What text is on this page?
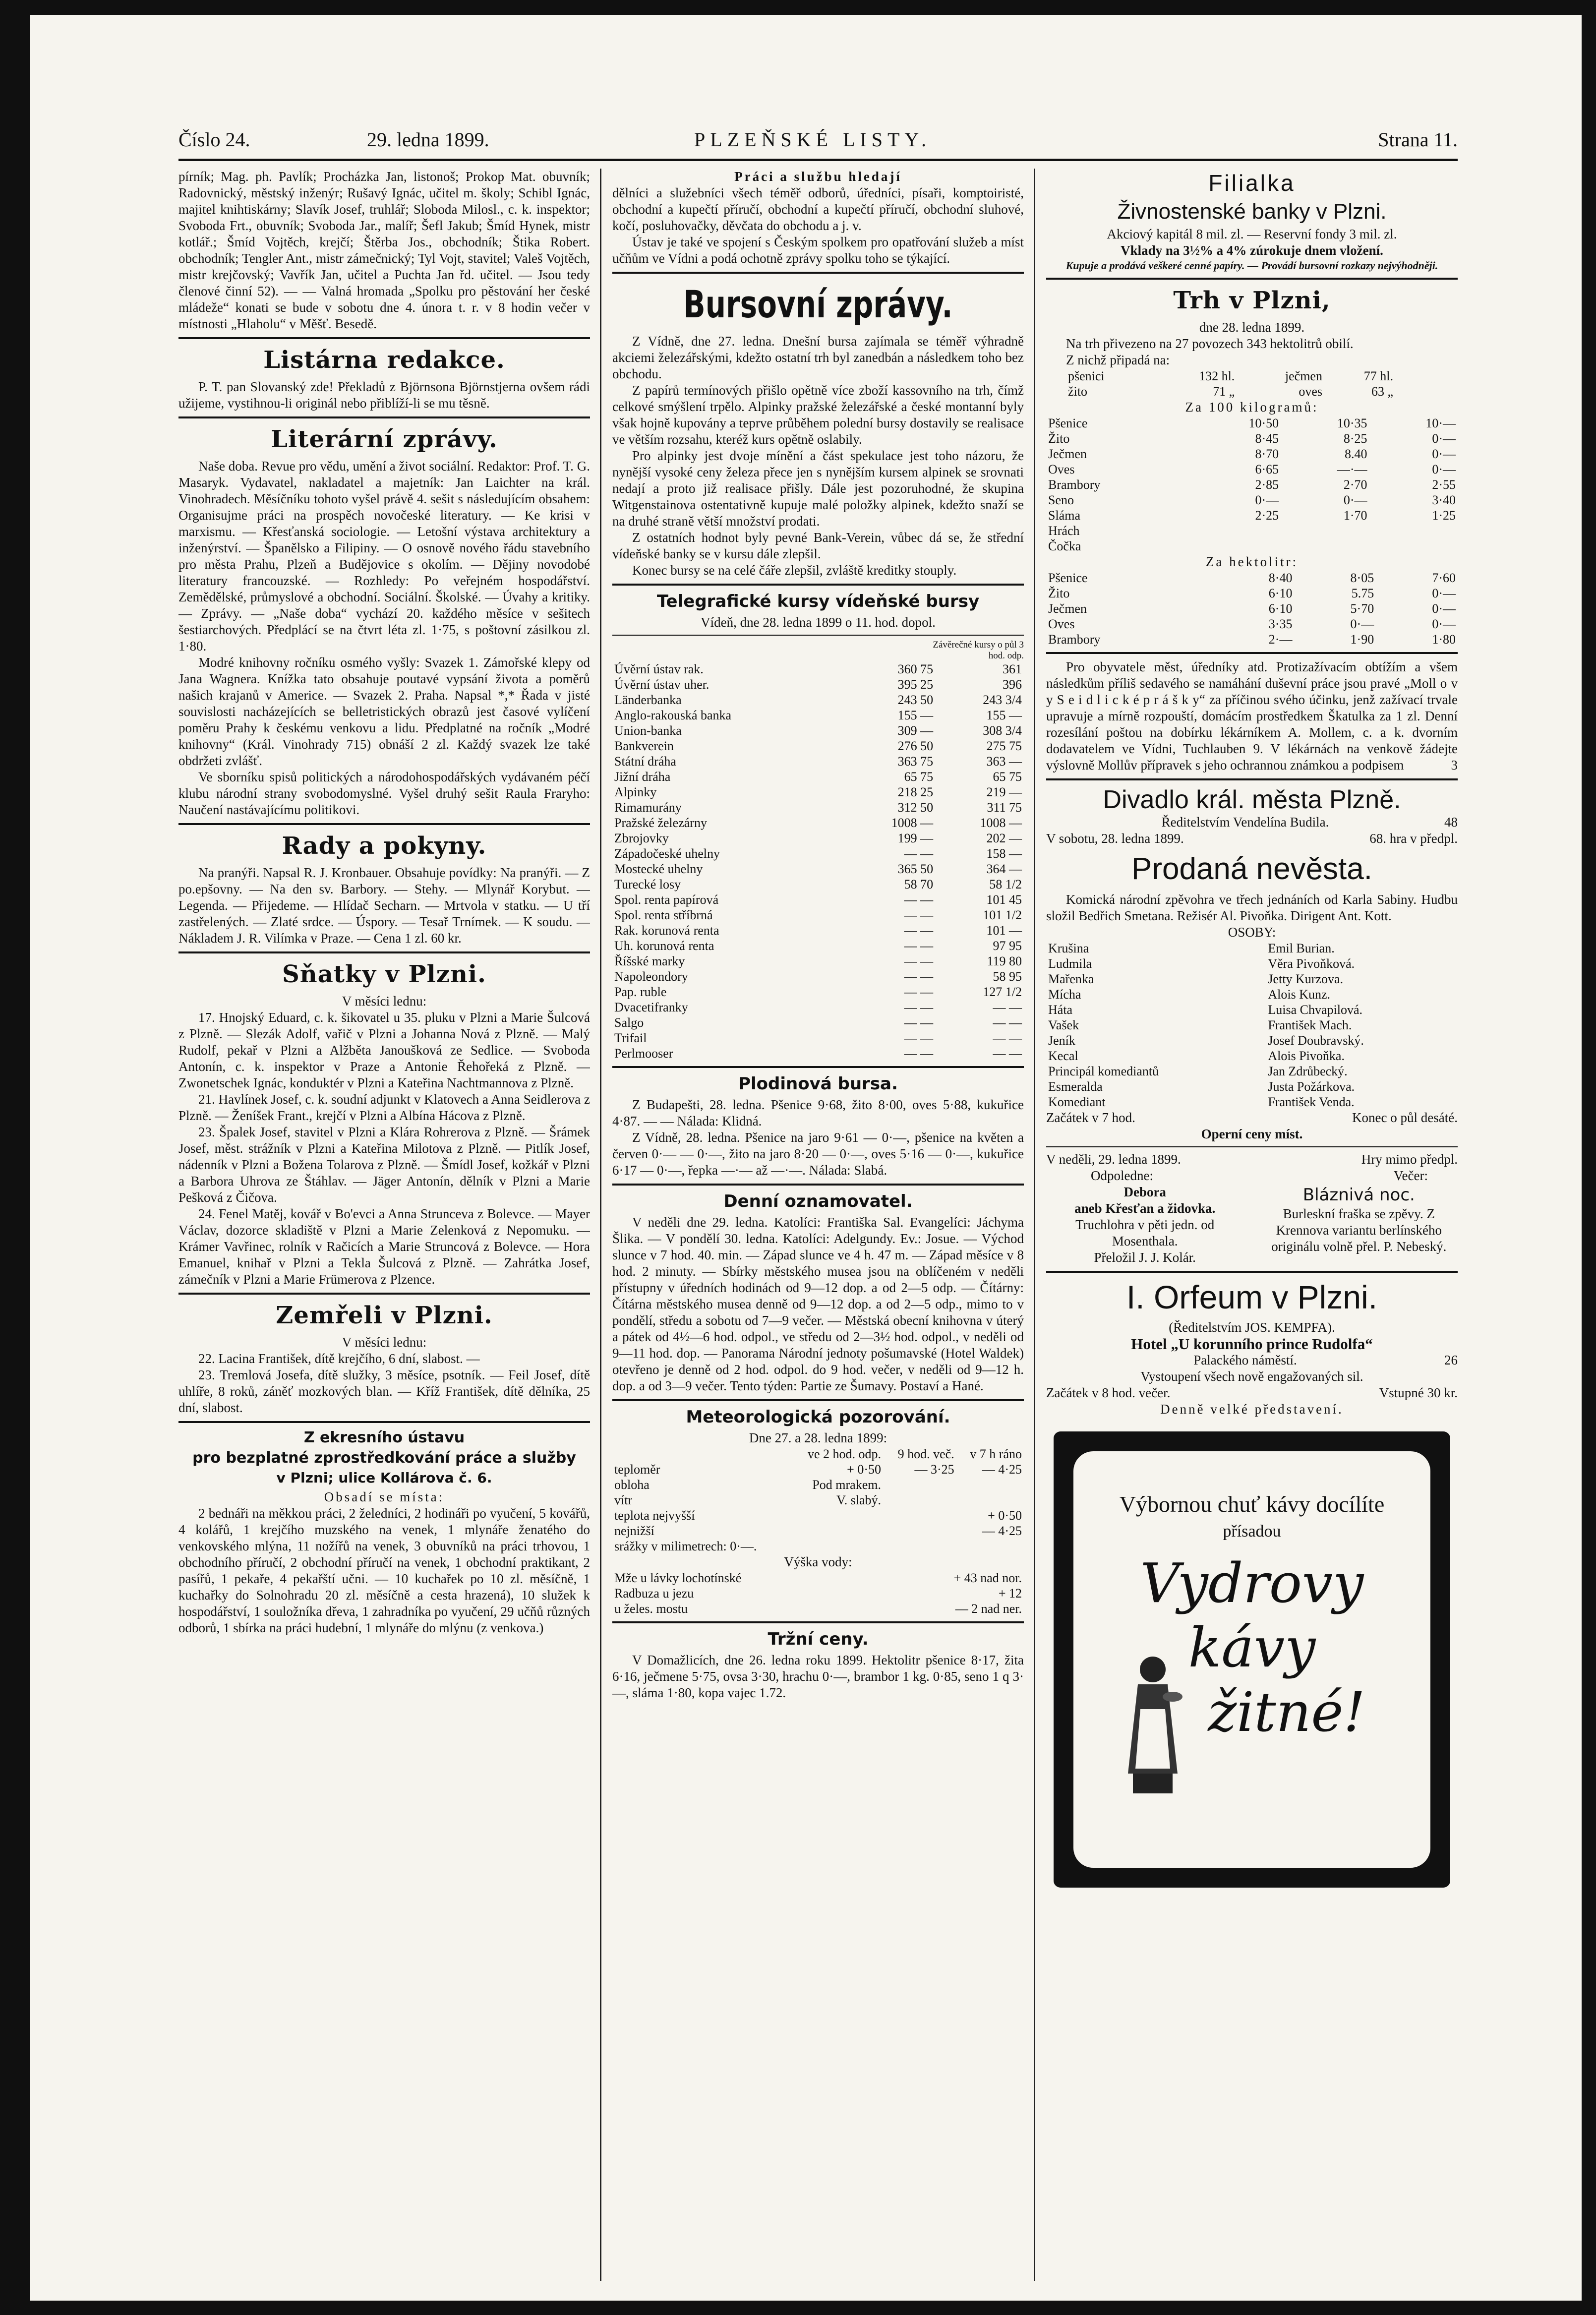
Číslo 24.	29. ledna 1899.	PLZEŇSKÉ LISTY.	Strana 11.

pírník; Mag. ph. Pavlík; Procházka Jan, listonoš; Prokop Mat. obuvník; Radovnický, městský inženýr; Rušavý Ignác, učitel m. školy; Schibl Ignác, majitel knihtiskárny; Slavík Josef, truhlář; Sloboda Milosl., c. k. inspektor; Svoboda Frt., obuvník; Svoboda Jar., malíř; Šefl Jakub; Šmíd Hynek, mistr kotlář.; Šmíd Vojtěch, krejčí; Štěrba Jos., obchodník; Štika Robert. obchodník; Tengler Ant., mistr zámečnický; Tyl Vojt, stavitel; Valeš Vojtěch, mistr krejčovský; Vavřík Jan, učitel a Puchta Jan řd. učitel. — Jsou tedy členové činní 52). — — Valná hromada „Spolku pro pěstování her české mládeže“ konati se bude v sobotu dne 4. února t. r. v 8 hodin večer v místnosti „Hlaholu“ v Měšť. Besedě.

Listárna redakce.

P. T. pan Slovanský zde! Překladů z Björnsona Björnstjerna ovšem rádi užijeme, vystihnou-li originál nebo přiblíží-li se mu těsně.

Literární zprávy.

Naše doba. Revue pro vědu, umění a život sociální. Redaktor: Prof. T. G. Masaryk. Vydavatel, nakladatel a majetník: Jan Laichter na král. Vinohradech. Měsíčníku tohoto vyšel právě 4. sešit s následujícím obsahem: Organisujme práci na prospěch novočeské literatury. — Ke krisi v marxismu. — Křesťanská sociologie. — Letošní výstava architektury a inženýrství. — Španělsko a Filipiny. — O osnově nového řádu stavebního pro města Prahu, Plzeň a Budějovice s okolím. — Dějiny novodobé literatury francouzské. — Rozhledy: Po veřejném hospodářství. Zemědělské, průmyslové a obchodní. Sociální. Školské. — Úvahy a kritiky. — Zprávy. — „Naše doba“ vychází 20. každého měsíce v sešitech šestiarchových. Předplácí se na čtvrt léta zl. 1·75, s poštovní zásilkou zl. 1·80.

Modré knihovny ročníku osmého vyšly: Svazek 1. Zámořské klepy od Jana Wagnera. Knížka tato obsahuje poutavé vypsání života a poměrů našich krajanů v Americe. — Svazek 2. Praha. Napsal *,* Řada v jisté souvislosti nacházejících se belletristických obrazů jest časové vylíčení poměru Prahy k českému venkovu a lidu. Předplatné na ročník „Modré knihovny“ (Král. Vinohrady 715) obnáší 2 zl. Každý svazek lze také obdržeti zvlášť.

Ve sborníku spisů politických a národohospodářských vydávaném péčí klubu národní strany svobodomyslné. Vyšel druhý sešit Raula Fraryho: Naučení nastávajícímu politikovi.

Rady a pokyny.

Na pranýři. Napsal R. J. Kronbauer. Obsahuje povídky: Na pranýři. — Z po.epšovny. — Na den sv. Barbory. — Stehy. — Mlynář Korybut. — Legenda. — Přijedeme. — Hlídač Secharn. — Mrtvola v statku. — U tří zastřelených. — Zlaté srdce. — Úspory. — Tesař Trnímek. — K soudu. — Nákladem J. R. Vilímka v Praze. — Cena 1 zl. 60 kr.

Sňatky v Plzni.

V měsíci lednu:

17. Hnojský Eduard, c. k. šikovatel u 35. pluku v Plzni a Marie Šulcová z Plzně. — Slezák Adolf, vařič v Plzni a Johanna Nová z Plzně. — Malý Rudolf, pekař v Plzni a Alžběta Janoušková ze Sedlice. — Svoboda Antonín, c. k. inspektor v Praze a Antonie Řehořeká z Plzně. — Zwonetschek Ignác, konduktér v Plzni a Kateřina Nachtmannova z Plzně.

21. Havlínek Josef, c. k. soudní adjunkt v Klatovech a Anna Seidlerova z Plzně. — Ženíšek Frant., krejčí v Plzni a Albína Hácova z Plzně.

23. Špalek Josef, stavitel v Plzni a Klára Rohrerova z Plzně. — Šrámek Josef, měst. strážník v Plzni a Kateřina Milotova z Plzně. — Pitlík Josef, nádenník v Plzni a Božena Tolarova z Plzně. — Šmídl Josef, kožkář v Plzni a Barbora Uhrova ze Štáhlav. — Jäger Antonín, dělník v Plzni a Marie Pešková z Čičova.

24. Fenel Matěj, kovář v Bo'evci a Anna Strunceva z Bolevce. — Mayer Václav, dozorce skladiště v Plzni a Marie Zelenková z Nepomuku. — Krámer Vavřinec, rolník v Račicích a Marie Struncová z Bolevce. — Hora Emanuel, knihař v Plzni a Tekla Šulcová z Plzně. — Zahrátka Josef, zámečník v Plzni a Marie Frümerova z Plzence.

Zemřeli v Plzni.

V měsíci lednu:

22. Lacina František, dítě krejčího, 6 dní, slabost. —

23. Tremlová Josefa, dítě služky, 3 měsíce, psotník. — Feil Josef, dítě uhlíře, 8 roků, záněť mozkových blan. — Kříž František, dítě dělníka, 25 dní, slabost.

Z ekresního ústavu
pro bezplatné zprostředkování práce a služby
v Plzni; ulice Kollárova č. 6.

Obsadí se místa:

2 bednáři na měkkou práci, 2 želedníci, 2 hodináři po vyučení, 5 kovářů, 4 kolářů, 1 krejčího muzského na venek, 1 mlynáře ženatého do venkovského mlýna, 11 nožířů na venek, 3 obuvníků na práci trhovou, 1 obchodního příručí, 2 obchodní příručí na venek, 1 obchodní praktikant, 2 pasířů, 1 pekaře, 4 pekařští učni. — 10 kuchařek po 10 zl. měsíčně, 1 kuchařky do Solnohradu 20 zl. měsíčně a cesta hrazená), 10 služek k hospodářství, 1 souložníka dřeva, 1 zahradníka po vyučení, 29 učňů různých odborů, 1 sbírka na práci hudební, 1 mlynáře do mlýnu (z venkova.)

Práci a službu hledají

dělníci a služebníci všech téměř odborů, úředníci, písaři, komptoiristé, obchodní a kupečtí příručí, obchodní a kupečtí příručí, obchodní sluhové, kočí, posluhovačky, děvčata do obchodu a j. v.

Ústav je také ve spojení s Českým spolkem pro opatřování služeb a míst učňům ve Vídni a podá ochotně zprávy spolku toho se týkající.

Bursovní zprávy.

Z Vídně, dne 27. ledna. Dnešní bursa zajímala se téměř výhradně akciemi železářskými, kdežto ostatní trh byl zanedbán a následkem toho bez obchodu.

Z papírů termínových přišlo opětně více zboží kassovního na trh, čímž celkové smýšlení trpělo. Alpinky pražské železářské a české montanní byly však hojně kupovány a teprve průběhem polední bursy dostavily se realisace ve větším rozsahu, kteréž kurs opětně oslabily.

Pro alpinky jest dvoje mínění a část spekulace jest toho názoru, že nynější vysoké ceny železa přece jen s nynějším kursem alpinek se srovnati nedají a proto již realisace přišly. Dále jest pozoruhodné, že skupina Witgenstainova ostentativně kupuje malé položky alpinek, kdežto snaží se na druhé straně větší množství prodati.

Z ostatních hodnot byly pevné Bank-Verein, vůbec dá se, že střední vídeňské banky se v kursu dále zlepšil.

Konec bursy se na celé čáře zlepšil, zvláště kreditky stouply.

Telegrafické kursy vídeňské bursy

Vídeň, dne 28. ledna 1899 o 11. hod. dopol.

Závěrečné kursy o půl 3 hod. odp.

Úvěrní ústav rak.	360 75	361
Úvěrní ústav uher.	395 25	396
Länderbanka	243 50	243 3/4
Anglo-rakouská banka	155 —	155 —
Union-banka	309 —	308 3/4
Bankverein	276 50	275 75
Státní dráha	363 75	363 —
Jižní dráha	65 75	65 75
Alpinky	218 25	219 —
Rimamurány	312 50	311 75
Pražské železárny	1008 —	1008 —
Zbrojovky	199 —	202 —
Západočeské uhelny	— —	158 —
Mostecké uhelny	365 50	364 —
Turecké losy	58 70	58 1/2
Spol. renta papírová	— —	101 45
Spol. renta stříbrná	— —	101 1/2
Rak. korunová renta	— —	101 —
Uh. korunová renta	— —	97 95
Říšské marky	— —	119 80
Napoleondory	— —	58 95
Pap. ruble	— —	127 1/2
Dvacetifranky	— —	— —
Salgo	— —	— —
Trifail	— —	— —
Perlmooser	— —	— —
Plodinová bursa.

Z Budapešti, 28. ledna. Pšenice 9·68, žito 8·00, oves 5·88, kukuřice 4·87. — — Nálada: Klidná.

Z Vídně, 28. ledna. Pšenice na jaro 9·61 — 0·—, pšenice na květen a červen 0·— — 0·—, žito na jaro 8·20 — 0·—, oves 5·16 — 0·—, kukuřice 6·17 — 0·—, řepka —·— až —·—. Nálada: Slabá.

Denní oznamovatel.

V neděli dne 29. ledna. Katolíci: Františka Sal. Evangelíci: Jáchyma Šlika. — V pondělí 30. ledna. Katolíci: Adelgundy. Ev.: Josue. — Východ slunce v 7 hod. 40. min. — Západ slunce ve 4 h. 47 m. — Západ měsíce v 8 hod. 2 minuty. — Sbírky městského musea jsou na oblíčeném v neděli přístupny v úředních hodinách od 9—12 dop. a od 2—5 odp. — Čítárny: Čítárna městského musea denně od 9—12 dop. a od 2—5 odp., mimo to v pondělí, středu a sobotu od 7—9 večer. — Městská obecní knihovna v úterý a pátek od 4½—6 hod. odpol., ve středu od 2—3½ hod. odpol., v neděli od 9—11 hod. dop. — Panorama Národní jednoty pošumavské (Hotel Waldek) otevřeno je denně od 2 hod. odpol. do 9 hod. večer, v neděli od 9—12 h. dop. a od 3—9 večer. Tento týden: Partie ze Šumavy. Postaví a Hané.

Meteorologická pozorování.

Dne 27. a 28. ledna 1899:

	ve 2 hod. odp.	9 hod. več.	v 7 h ráno
teploměr	+ 0·50	— 3·25	— 4·25
obloha	Pod mrakem.		
vítr	V. slabý.		
teplota nejvyšší			+ 0·50
nejnižší			— 4·25
srážky v milimetrech: 0·—.			

Výška vody:

Mže u lávky lochotínské	+ 43 nad nor.
Radbuza u jezu	+ 12
u želes. mostu	— 2 nad ner.
Tržní ceny.

V Domažlicích, dne 26. ledna roku 1899. Hektolitr pšenice 8·17, žita 6·16, ječmene 5·75, ovsa 3·30, hrachu 0·—, brambor 1 kg. 0·85, seno 1 q 3·—, sláma 1·80, kopa vajec 1.72.

Filialka
Živnostenské banky v Plzni.

Akciový kapitál 8 mil. zl. — Reservní fondy 3 mil. zl.

Vklady na 3½% a 4% zúrokuje dnem vložení.

Kupuje a prodává veškeré cenné papíry. — Provádí bursovní rozkazy nejvýhodněji.

Trh v Plzni,

dne 28. ledna 1899.

Na trh přivezeno na 27 povozech 343 hektolitrů obilí.

Z nichž připadá na:

pšenici	132 hl.	ječmen	77 hl.
žito	71 „	oves	63 „

Za 100 kilogramů:

Pšenice	10·50	10·35	10·—
Žito	8·45	8·25	0·—
Ječmen	8·70	8.40	0·—
Oves	6·65	—·—	0·—
Brambory	2·85	2·70	2·55
Seno	0·—	0·—	3·40
Sláma	2·25	1·70	1·25
Hrách			
Čočka			

Za hektolitr:

Pšenice	8·40	8·05	7·60
Žito	6·10	5.75	0·—
Ječmen	6·10	5·70	0·—
Oves	3·35	0·—	0·—
Brambory	2·—	1·90	1·80

Pro obyvatele měst, úředníky atd. Protizažívacím obtížím a všem následkům příliš sedavého se namáhání duševní práce jsou pravé „Moll o v y S e i d l i c k é p r á š k y“ za příčinou svého účinku, jenž zažívací trvale upravuje a mírně rozpouští, domácím prostředkem Škatulka za 1 zl. Denní rozesílání poštou na dobírku lékárníkem A. Mollem, c. a k. dvorním dodavatelem ve Vídni, Tuchlauben 9. V lékárnách na venkově žádejte výslovně Mollův přípravek s jeho ochrannou známkou a podpisem	3

Divadlo král. města Plzně.

Ředitelstvím Vendelína Budila.	48

V sobotu, 28. ledna 1899.	68. hra v předpl.

Prodaná nevěsta.

Komická národní zpěvohra ve třech jednáních od Karla Sabiny. Hudbu složil Bedřich Smetana. Režisér Al. Pivoňka. Dirigent Ant. Kott.

OSOBY:

Krušina	Emil Burian.
Ludmila	Věra Pivoňková.
Mařenka	Jetty Kurzova.
Mícha	Alois Kunz.
Háta	Luisa Chvapilová.
Vašek	František Mach.
Jeník	Josef Doubravský.
Kecal	Alois Pivoňka.
Principál komediantů	Jan Zdrůbecký.
Esmeralda	Justa Požárkova.
Komediant	František Venda.

Začátek v 7 hod.	Konec o půl desáté.

Operní ceny míst.

V neděli, 29. ledna 1899.	Hry mimo předpl.

Odpoledne:	Večer:

Debora

aneb Křesťan a židovka.

Truchlohra v pěti jedn. od Mosenthala.

Přeložil J. J. Kolár.

Bláznivá noc.

Burleskní fraška se zpěvy. Z Krennova variantu berlínského originálu volně přel. P. Nebeský.

I. Orfeum v Plzni.

(Ředitelstvím JOS. KEMPFA).

Hotel „U korunního prince Rudolfa“

Palackého náměstí.	26

Vystoupení všech nově engažovaných sil.

Začátek v 8 hod. večer.	Vstupné 30 kr.

Denně velké představení.

Výbornou chuť kávy docílíte
přísadou
Vydrovy
kávy
žitné!
